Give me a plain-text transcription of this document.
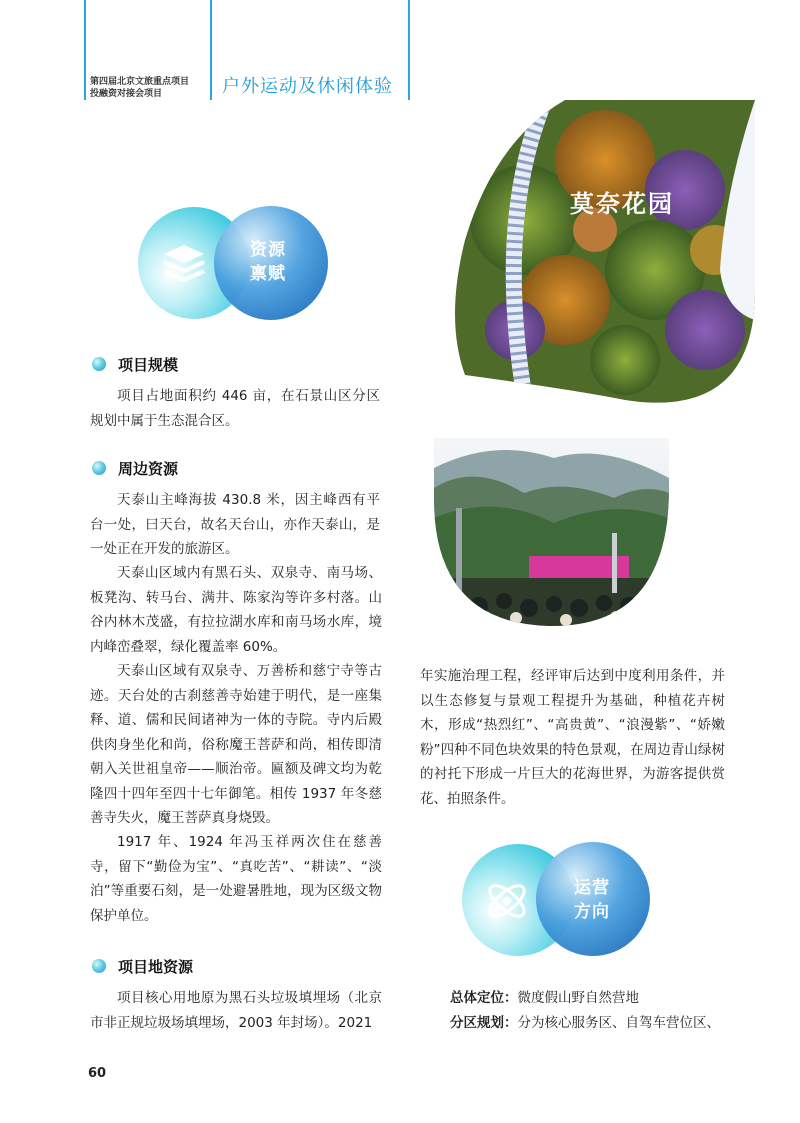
第四届北京文旅重点项目
投融资对接会项目	户外运动及休闲体验
资源
禀赋
莫奈花园
项目规模

项目占地面积约 446 亩，在石景山区分区规划中属于生态混合区。

周边资源

天泰山主峰海拔 430.8 米，因主峰西有平台一处，曰天台，故名天台山，亦作天泰山，是一处正在开发的旅游区。

天泰山区域内有黑石头、双泉寺、南马场、板凳沟、转马台、满井、陈家沟等许多村落。山谷内林木茂盛，有拉拉湖水库和南马场水库，境内峰峦叠翠，绿化覆盖率 60%。

天泰山区域有双泉寺、万善桥和慈宁寺等古迹。天台处的古刹慈善寺始建于明代，是一座集释、道、儒和民间诸神为一体的寺院。寺内后殿供肉身坐化和尚，俗称魔王菩萨和尚，相传即清朝入关世祖皇帝——顺治帝。匾额及碑文均为乾隆四十四年至四十七年御笔。相传 1937 年冬慈善寺失火，魔王菩萨真身烧毁。

1917 年、1924 年冯玉祥两次住在慈善寺，留下“勤俭为宝”、“真吃苦”、“耕读”、“淡泊”等重要石刻，是一处避暑胜地，现为区级文物保护单位。

项目地资源

项目核心用地原为黑石头垃圾填埋场（北京市非正规垃圾场填埋场，2003 年封场）。2021

年实施治理工程，经评审后达到中度利用条件，并以生态修复与景观工程提升为基础，种植花卉树木，形成“热烈红”、“高贵黄”、“浪漫紫”、“娇嫩粉”四种不同色块效果的特色景观，在周边青山绿树的衬托下形成一片巨大的花海世界，为游客提供赏花、拍照条件。

运营
方向
总体定位：微度假山野自然营地
分区规划：分为核心服务区、自驾车营位区、
60
